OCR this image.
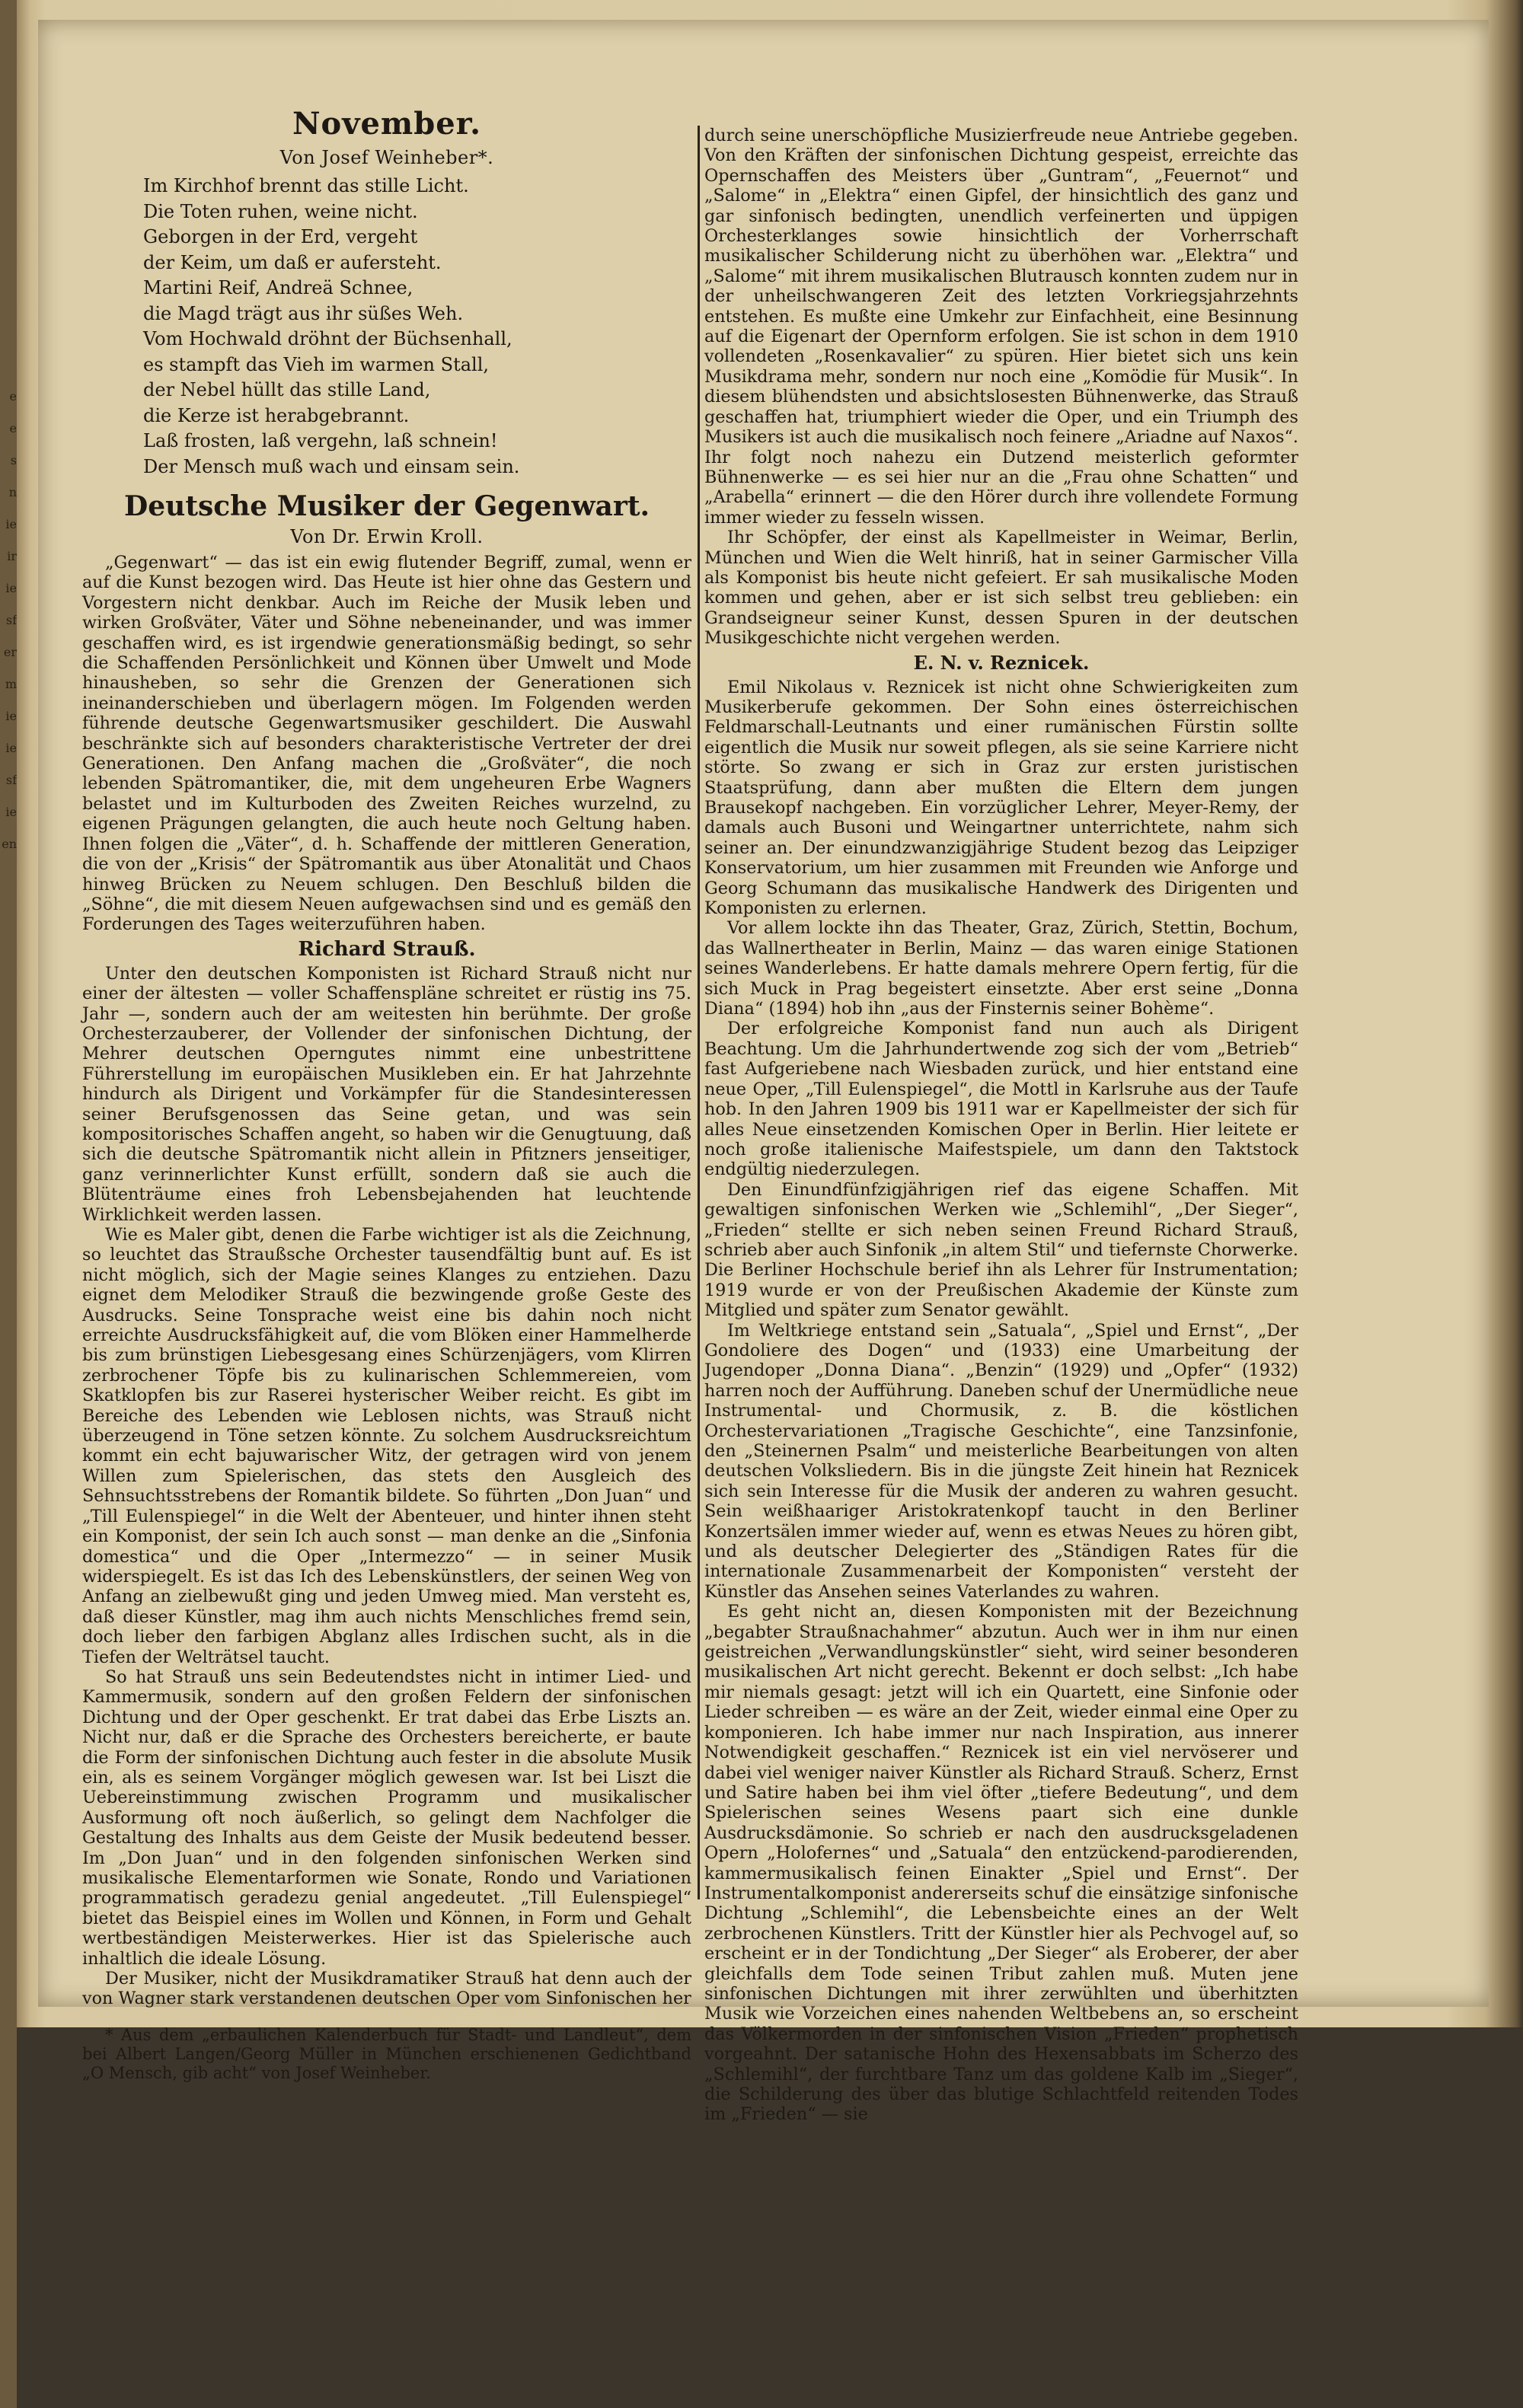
e
e
s
n
ie
ir
ie
sf
er
m
ie
ie
sf
ie
en
November.
Von Josef Weinheber*.
Im Kirchhof brennt das stille Licht.
Die Toten ruhen, weine nicht.
Geborgen in der Erd, vergeht
der Keim, um daß er aufersteht.
Martini Reif, Andreä Schnee,
die Magd trägt aus ihr süßes Weh.
Vom Hochwald dröhnt der Büchsenhall,
es stampft das Vieh im warmen Stall,
der Nebel hüllt das stille Land,
die Kerze ist herabgebrannt.
Laß frosten, laß vergehn, laß schnein!
Der Mensch muß wach und einsam sein.
Deutsche Musiker der Gegenwart.
Von Dr. Erwin Kroll.

„Gegenwart“ — das ist ein ewig flutender Begriff, zumal, wenn er auf die Kunst bezogen wird. Das Heute ist hier ohne das Gestern und Vorgestern nicht denkbar. Auch im Reiche der Musik leben und wirken Großväter, Väter und Söhne nebeneinander, und was immer geschaffen wird, es ist irgendwie generationsmäßig bedingt, so sehr die Schaffenden Persönlichkeit und Können über Umwelt und Mode hinausheben, so sehr die Grenzen der Generationen sich ineinanderschieben und überlagern mögen. Im Folgenden werden führende deutsche Gegenwartsmusiker geschildert. Die Auswahl beschränkte sich auf besonders charakteristische Vertreter der drei Generationen. Den Anfang machen die „Großväter“, die noch lebenden Spätromantiker, die, mit dem ungeheuren Erbe Wagners belastet und im Kulturboden des Zweiten Reiches wurzelnd, zu eigenen Prägungen gelangten, die auch heute noch Geltung haben. Ihnen folgen die „Väter“, d. h. Schaffende der mittleren Generation, die von der „Krisis“ der Spätromantik aus über Atonalität und Chaos hinweg Brücken zu Neuem schlugen. Den Beschluß bilden die „Söhne“, die mit diesem Neuen aufgewachsen sind und es gemäß den Forderungen des Tages weiterzuführen haben.

Richard Strauß.

Unter den deutschen Komponisten ist Richard Strauß nicht nur einer der ältesten — voller Schaffenspläne schreitet er rüstig ins 75. Jahr —, sondern auch der am weitesten hin berühmte. Der große Orchesterzauberer, der Vollender der sinfonischen Dichtung, der Mehrer deutschen Operngutes nimmt eine unbestrittene Führerstellung im europäischen Musikleben ein. Er hat Jahrzehnte hindurch als Dirigent und Vorkämpfer für die Standesinteressen seiner Berufsgenossen das Seine getan, und was sein kompositorisches Schaffen angeht, so haben wir die Genugtuung, daß sich die deutsche Spätromantik nicht allein in Pfitzners jenseitiger, ganz verinnerlichter Kunst erfüllt, sondern daß sie auch die Blütenträume eines froh Lebensbejahenden hat leuchtende Wirklichkeit werden lassen.

Wie es Maler gibt, denen die Farbe wichtiger ist als die Zeichnung, so leuchtet das Straußsche Orchester tausendfältig bunt auf. Es ist nicht möglich, sich der Magie seines Klanges zu entziehen. Dazu eignet dem Melodiker Strauß die bezwingende große Geste des Ausdrucks. Seine Tonsprache weist eine bis dahin noch nicht erreichte Ausdrucksfähigkeit auf, die vom Blöken einer Hammelherde bis zum brünstigen Liebesgesang eines Schürzenjägers, vom Klirren zerbrochener Töpfe bis zu kulinarischen Schlemmereien, vom Skatklopfen bis zur Raserei hysterischer Weiber reicht. Es gibt im Bereiche des Lebenden wie Leblosen nichts, was Strauß nicht überzeugend in Töne setzen könnte. Zu solchem Ausdrucksreichtum kommt ein echt bajuwarischer Witz, der getragen wird von jenem Willen zum Spielerischen, das stets den Ausgleich des Sehnsuchtsstrebens der Romantik bildete. So führten „Don Juan“ und „Till Eulenspiegel“ in die Welt der Abenteuer, und hinter ihnen steht ein Komponist, der sein Ich auch sonst — man denke an die „Sinfonia domestica“ und die Oper „Intermezzo“ — in seiner Musik widerspiegelt. Es ist das Ich des Lebenskünstlers, der seinen Weg von Anfang an zielbewußt ging und jeden Umweg mied. Man versteht es, daß dieser Künstler, mag ihm auch nichts Menschliches fremd sein, doch lieber den farbigen Abglanz alles Irdischen sucht, als in die Tiefen der Welträtsel taucht.

So hat Strauß uns sein Bedeutendstes nicht in intimer Lied- und Kammermusik, sondern auf den großen Feldern der sinfonischen Dichtung und der Oper geschenkt. Er trat dabei das Erbe Liszts an. Nicht nur, daß er die Sprache des Orchesters bereicherte, er baute die Form der sinfonischen Dichtung auch fester in die absolute Musik ein, als es seinem Vorgänger möglich gewesen war. Ist bei Liszt die Uebereinstimmung zwischen Programm und musikalischer Ausformung oft noch äußerlich, so gelingt dem Nachfolger die Gestaltung des Inhalts aus dem Geiste der Musik bedeutend besser. Im „Don Juan“ und in den folgenden sinfonischen Werken sind musikalische Elementarformen wie Sonate, Rondo und Variationen programmatisch geradezu genial angedeutet. „Till Eulenspiegel“ bietet das Beispiel eines im Wollen und Können, in Form und Gehalt wertbeständigen Meisterwerkes. Hier ist das Spielerische auch inhaltlich die ideale Lösung.

Der Musiker, nicht der Musikdramatiker Strauß hat denn auch der von Wagner stark verstandenen deutschen Oper vom Sinfonischen her

* Aus dem „erbaulichen Kalenderbuch für Stadt- und Landleut“, dem bei Albert Langen/Georg Müller in München erschienenen Gedichtband „O Mensch, gib acht“ von Josef Weinheber.

durch seine unerschöpfliche Musizierfreude neue Antriebe gegeben. Von den Kräften der sinfonischen Dichtung gespeist, erreichte das Opernschaffen des Meisters über „Guntram“, „Feuernot“ und „Salome“ in „Elektra“ einen Gipfel, der hinsichtlich des ganz und gar sinfonisch bedingten, unendlich verfeinerten und üppigen Orchesterklanges sowie hinsichtlich der Vorherrschaft musikalischer Schilderung nicht zu überhöhen war. „Elektra“ und „Salome“ mit ihrem musikalischen Blutrausch konnten zudem nur in der unheilschwangeren Zeit des letzten Vorkriegsjahrzehnts entstehen. Es mußte eine Umkehr zur Einfachheit, eine Besinnung auf die Eigenart der Opernform erfolgen. Sie ist schon in dem 1910 vollendeten „Rosenkavalier“ zu spüren. Hier bietet sich uns kein Musikdrama mehr, sondern nur noch eine „Komödie für Musik“. In diesem blühendsten und absichtslosesten Bühnenwerke, das Strauß geschaffen hat, triumphiert wieder die Oper, und ein Triumph des Musikers ist auch die musikalisch noch feinere „Ariadne auf Naxos“. Ihr folgt noch nahezu ein Dutzend meisterlich geformter Bühnenwerke — es sei hier nur an die „Frau ohne Schatten“ und „Arabella“ erinnert — die den Hörer durch ihre vollendete Formung immer wieder zu fesseln wissen.

Ihr Schöpfer, der einst als Kapellmeister in Weimar, Berlin, München und Wien die Welt hinriß, hat in seiner Garmischer Villa als Komponist bis heute nicht gefeiert. Er sah musikalische Moden kommen und gehen, aber er ist sich selbst treu geblieben: ein Grandseigneur seiner Kunst, dessen Spuren in der deutschen Musikgeschichte nicht vergehen werden.

E. N. v. Reznicek.

Emil Nikolaus v. Reznicek ist nicht ohne Schwierigkeiten zum Musikerberufe gekommen. Der Sohn eines österreichischen Feldmarschall-Leutnants und einer rumänischen Fürstin sollte eigentlich die Musik nur soweit pflegen, als sie seine Karriere nicht störte. So zwang er sich in Graz zur ersten juristischen Staatsprüfung, dann aber mußten die Eltern dem jungen Brausekopf nachgeben. Ein vorzüglicher Lehrer, Meyer-Remy, der damals auch Busoni und Weingartner unterrichtete, nahm sich seiner an. Der einundzwanzigjährige Student bezog das Leipziger Konservatorium, um hier zusammen mit Freunden wie Anforge und Georg Schumann das musikalische Handwerk des Dirigenten und Komponisten zu erlernen.

Vor allem lockte ihn das Theater, Graz, Zürich, Stettin, Bochum, das Wallnertheater in Berlin, Mainz — das waren einige Stationen seines Wanderlebens. Er hatte damals mehrere Opern fertig, für die sich Muck in Prag begeistert einsetzte. Aber erst seine „Donna Diana“ (1894) hob ihn „aus der Finsternis seiner Bohème“.

Der erfolgreiche Komponist fand nun auch als Dirigent Beachtung. Um die Jahrhundertwende zog sich der vom „Betrieb“ fast Aufgeriebene nach Wiesbaden zurück, und hier entstand eine neue Oper, „Till Eulenspiegel“, die Mottl in Karlsruhe aus der Taufe hob. In den Jahren 1909 bis 1911 war er Kapellmeister der sich für alles Neue einsetzenden Komischen Oper in Berlin. Hier leitete er noch große italienische Maifestspiele, um dann den Taktstock endgültig niederzulegen.

Den Einundfünfzigjährigen rief das eigene Schaffen. Mit gewaltigen sinfonischen Werken wie „Schlemihl“, „Der Sieger“, „Frieden“ stellte er sich neben seinen Freund Richard Strauß, schrieb aber auch Sinfonik „in altem Stil“ und tiefernste Chorwerke. Die Berliner Hochschule berief ihn als Lehrer für Instrumentation; 1919 wurde er von der Preußischen Akademie der Künste zum Mitglied und später zum Senator gewählt.

Im Weltkriege entstand sein „Satuala“, „Spiel und Ernst“, „Der Gondoliere des Dogen“ und (1933) eine Umarbeitung der Jugendoper „Donna Diana“. „Benzin“ (1929) und „Opfer“ (1932) harren noch der Aufführung. Daneben schuf der Unermüdliche neue Instrumental- und Chormusik, z. B. die köstlichen Orchestervariationen „Tragische Geschichte“, eine Tanzsinfonie, den „Steinernen Psalm“ und meisterliche Bearbeitungen von alten deutschen Volksliedern. Bis in die jüngste Zeit hinein hat Reznicek sich sein Interesse für die Musik der anderen zu wahren gesucht. Sein weißhaariger Aristokratenkopf taucht in den Berliner Konzertsälen immer wieder auf, wenn es etwas Neues zu hören gibt, und als deutscher Delegierter des „Ständigen Rates für die internationale Zusammenarbeit der Komponisten“ versteht der Künstler das Ansehen seines Vaterlandes zu wahren.

Es geht nicht an, diesen Komponisten mit der Bezeichnung „begabter Straußnachahmer“ abzutun. Auch wer in ihm nur einen geistreichen „Verwandlungskünstler“ sieht, wird seiner besonderen musikalischen Art nicht gerecht. Bekennt er doch selbst: „Ich habe mir niemals gesagt: jetzt will ich ein Quartett, eine Sinfonie oder Lieder schreiben — es wäre an der Zeit, wieder einmal eine Oper zu komponieren. Ich habe immer nur nach Inspiration, aus innerer Notwendigkeit geschaffen.“ Reznicek ist ein viel nervöserer und dabei viel weniger naiver Künstler als Richard Strauß. Scherz, Ernst und Satire haben bei ihm viel öfter „tiefere Bedeutung“, und dem Spielerischen seines Wesens paart sich eine dunkle Ausdrucksdämonie. So schrieb er nach den ausdrucksgeladenen Opern „Holofernes“ und „Satuala“ den entzückend-parodierenden, kammermusikalisch feinen Einakter „Spiel und Ernst“. Der Instrumentalkomponist andererseits schuf die einsätzige sinfonische Dichtung „Schlemihl“, die Lebensbeichte eines an der Welt zerbrochenen Künstlers. Tritt der Künstler hier als Pechvogel auf, so erscheint er in der Tondichtung „Der Sieger“ als Eroberer, der aber gleichfalls dem Tode seinen Tribut zahlen muß. Muten jene sinfonischen Dichtungen mit ihrer zerwühlten und überhitzten Musik wie Vorzeichen eines nahenden Weltbebens an, so erscheint das Völkermorden in der sinfonischen Vision „Frieden“ prophetisch vorgeahnt. Der satanische Hohn des Hexensabbats im Scherzo des „Schlemihl“, der furchtbare Tanz um das goldene Kalb im „Sieger“, die Schilderung des über das blutige Schlachtfeld reitenden Todes im „Frieden“ — sie
